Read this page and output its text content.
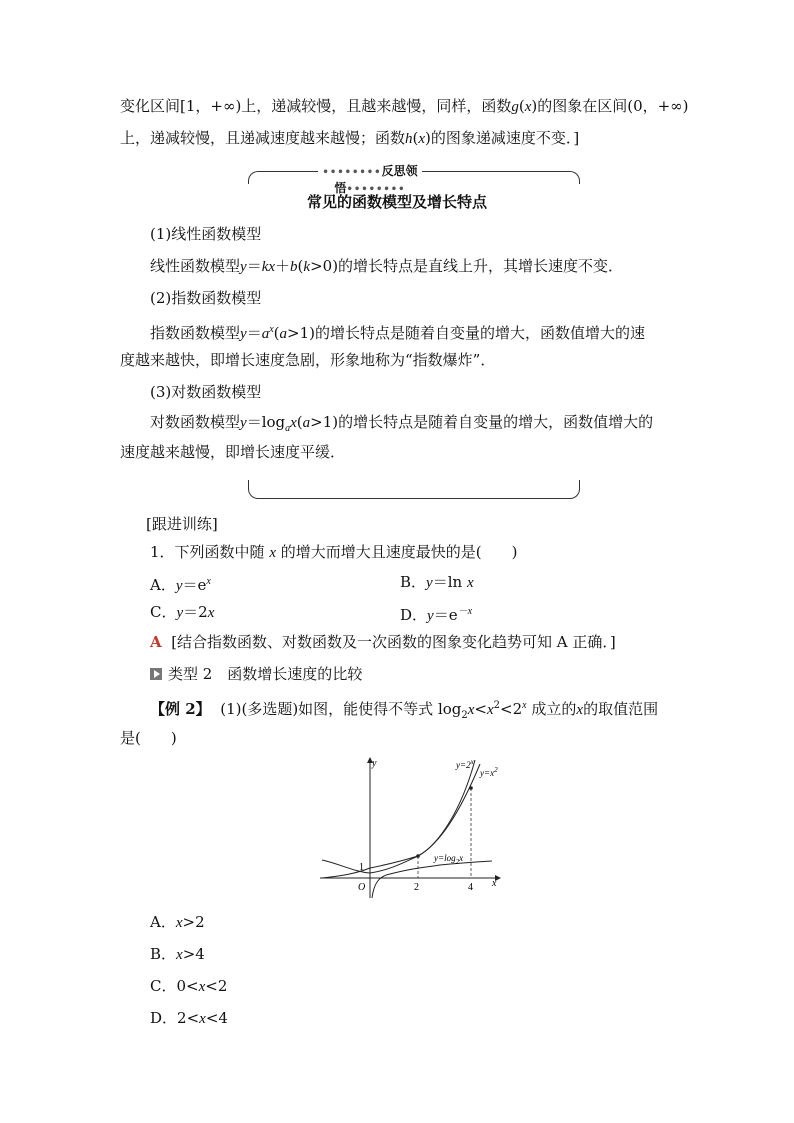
变化区间[1，+∞)上，递减较慢，且越来越慢，同样，函数g(x)的图象在区间(0，+∞)
上，递减较慢，且递减速度越来越慢；函数h(x)的图象递减速度不变．]
••••••••反思领悟••••••••
常见的函数模型及增长特点
(1)线性函数模型
线性函数模型y＝kx＋b(k>0)的增长特点是直线上升，其增长速度不变．
(2)指数函数模型
指数函数模型$y=a^x(a>1)$的增长特点是随着自变量的增大，函数值增大的速
度越来越快，即增长速度急剧，形象地称为“指数爆炸”．
(3)对数函数模型
对数函数模型$y=\log_ax(a>1)$的增长特点是随着自变量的增大，函数值增大的
速度越来越慢，即增长速度平缓．
[跟进训练]
1．下列函数中随 x 的增大而增大且速度最快的是(　　)
A．$y=e^x$	B．y＝ln x
C．y＝2x	D．$y=e^{-x}$
A [结合指数函数、对数函数及一次函数的图象变化趋势可知 A 正确．]
类型 2　函数增长速度的比较
【例 2】 (1)(多选题)如图，能使得不等式 $\log_2x<x^2<2^x$ 成立的x的取值范围
是(　　)
y
x
O
1
2	4
$y=2^x$
$y=x^2$
$y=\log_2x$
A．x>2
B．x>4
C．0<x<2
D．2<x<4
